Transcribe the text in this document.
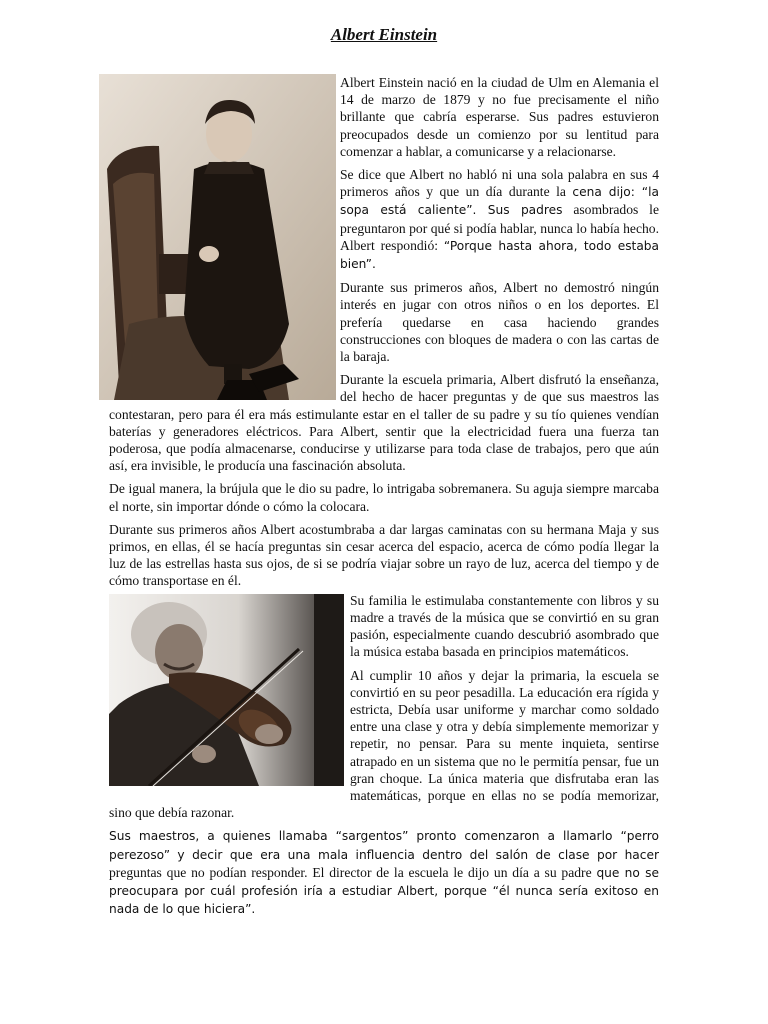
Albert Einstein

Albert Einstein nació en la ciudad de Ulm en Alemania el 14 de marzo de 1879 y no fue precisamente el niño brillante que cabría esperarse. Sus padres estuvieron preocupados desde un comienzo por su lentitud para comenzar a hablar, a comunicarse y a relacionarse.

Se dice que Albert no habló ni una sola palabra en sus 4 primeros años y que un día durante la cena dijo: “la sopa está caliente”. Sus padres asombrados le preguntaron por qué si podía hablar, nunca lo había hecho. Albert respondió: “Porque hasta ahora, todo estaba bien”.

Durante sus primeros años, Albert no demostró ningún interés en jugar con otros niños o en los deportes. El prefería quedarse en casa haciendo grandes construcciones con bloques de madera o con las cartas de la baraja.

Durante la escuela primaria, Albert disfrutó la enseñanza, del hecho de hacer preguntas y de que sus maestros las contestaran, pero para él era más estimulante estar en el taller de su padre y su tío quienes vendían baterías y generadores eléctricos. Para Albert, sentir que la electricidad fuera una fuerza tan poderosa, que podía almacenarse, conducirse y utilizarse para toda clase de trabajos, pero que aún así, era invisible, le producía una fascinación absoluta.

De igual manera, la brújula que le dio su padre, lo intrigaba sobremanera. Su aguja siempre marcaba el norte, sin importar dónde o cómo la colocara.

Durante sus primeros años Albert acostumbraba a dar largas caminatas con su hermana Maja y sus primos, en ellas, él se hacía preguntas sin cesar acerca del espacio, acerca de cómo podía llegar la luz de las estrellas hasta sus ojos, de si se podría viajar sobre un rayo de luz, acerca del tiempo y de cómo transportase en él.

Su familia le estimulaba constantemente con libros y su madre a través de la música que se convirtió en su gran pasión, especialmente cuando descubrió asombrado que la música estaba basada en principios matemáticos.

Al cumplir 10 años y dejar la primaria, la escuela se convirtió en su peor pesadilla. La educación era rígida y estricta, Debía usar uniforme y marchar como soldado entre una clase y otra y debía simplemente memorizar y repetir, no pensar. Para su mente inquieta, sentirse atrapado en un sistema que no le permitía pensar, fue un gran choque. La única materia que disfrutaba eran las matemáticas, porque en ellas no se podía memorizar, sino que debía razonar.

Sus maestros, a quienes llamaba “sargentos” pronto comenzaron a llamarlo “perro perezoso” y decir que era una mala influencia dentro del salón de clase por hacer preguntas que no podían responder. El director de la escuela le dijo un día a su padre que no se preocupara por cuál profesión iría a estudiar Albert, porque “él nunca sería exitoso en nada de lo que hiciera”.
